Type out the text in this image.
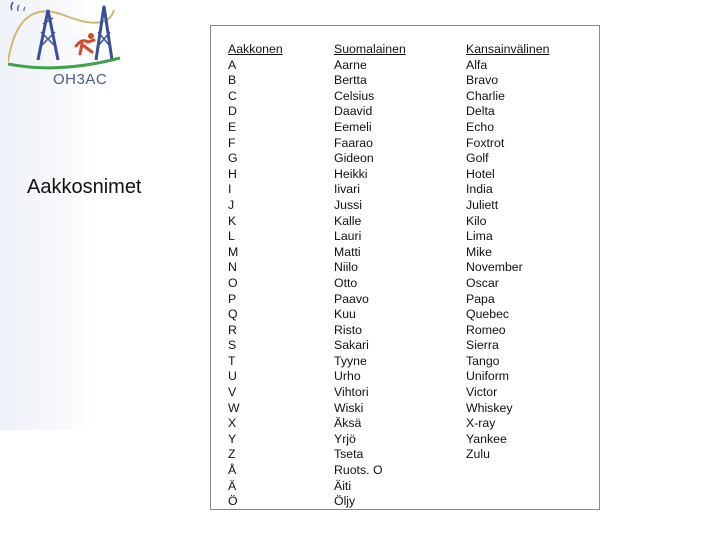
OH3AC
Aakkosnimet
Aakkonen
A
B
C
D
E
F
G
H
I
J
K
L
M
N
O
P
Q
R
S
T
U
V
W
X
Y
Z
Å
Ä
Ö
Suomalainen
Aarne
Bertta
Celsius
Daavid
Eemeli
Faarao
Gideon
Heikki
Iivari
Jussi
Kalle
Lauri
Matti
Niilo
Otto
Paavo
Kuu
Risto
Sakari
Tyyne
Urho
Vihtori
Wiski
Äksä
Yrjö
Tseta
Ruots. O
Äiti
Öljy
Kansainvälinen
Alfa
Bravo
Charlie
Delta
Echo
Foxtrot
Golf
Hotel
India
Juliett
Kilo
Lima
Mike
November
Oscar
Papa
Quebec
Romeo
Sierra
Tango
Uniform
Victor
Whiskey
X-ray
Yankee
Zulu
